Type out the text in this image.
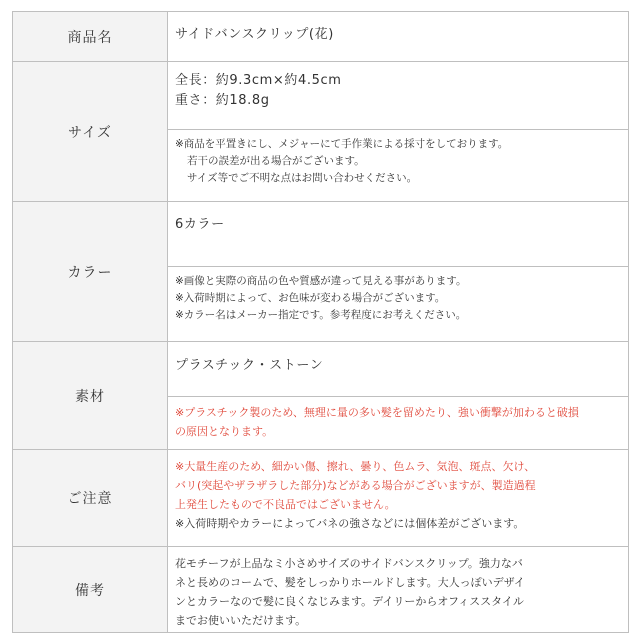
商品名	サイドバンスクリップ(花)
サイズ
全長：約9.3cm×約4.5cm
重さ：約18.8g
※商品を平置きにし、メジャーにて手作業による採寸をしております。
若干の誤差が出る場合がございます。
サイズ等でご不明な点はお問い合わせください。
カラー
6カラー
※画像と実際の商品の色や質感が違って見える事があります。
※入荷時期によって、お色味が変わる場合がございます。
※カラー名はメーカー指定です。参考程度にお考えください。
素材
プラスチック・ストーン
※プラスチック製のため、無理に量の多い髪を留めたり、強い衝撃が加わると破損
の原因となります。
ご注意
※大量生産のため、細かい傷、擦れ、曇り、色ムラ、気泡、斑点、欠け、
バリ(突起やザラザラした部分)などがある場合がございますが、製造過程
上発生したもので不良品ではございません。
※入荷時期やカラーによってバネの強さなどには個体差がございます。
備考
花モチーフが上品なミ小さめサイズのサイドバンスクリップ。強力なバ
ネと長めのコームで、髪をしっかりホールドします。大人っぽいデザイ
ンとカラーなので髪に良くなじみます。デイリーからオフィススタイル
までお使いいただけます。
